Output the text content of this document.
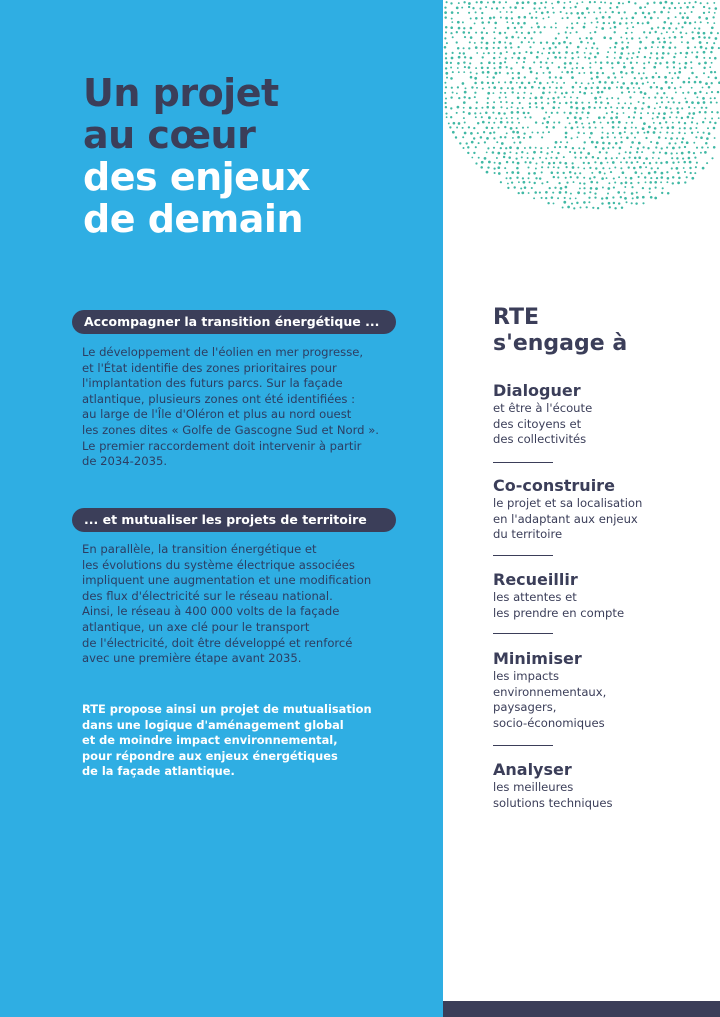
Un projet
au cœur
des enjeux
de demain
Accompagner la transition énergétique ...
Le développement de l'éolien en mer progresse,
et l'État identifie des zones prioritaires pour
l'implantation des futurs parcs. Sur la façade
atlantique, plusieurs zones ont été identifiées :
au large de l'Île d'Oléron et plus au nord ouest
les zones dites « Golfe de Gascogne Sud et Nord ».
Le premier raccordement doit intervenir à partir
de 2034-2035.
... et mutualiser les projets de territoire
En parallèle, la transition énergétique et
les évolutions du système électrique associées
impliquent une augmentation et une modification
des flux d'électricité sur le réseau national.
Ainsi, le réseau à 400 000 volts de la façade
atlantique, un axe clé pour le transport
de l'électricité, doit être développé et renforcé
avec une première étape avant 2035.
RTE propose ainsi un projet de mutualisation
dans une logique d'aménagement global
et de moindre impact environnemental,
pour répondre aux enjeux énergétiques
de la façade atlantique.
RTE
s'engage à
Dialoguer

et être à l'écoute
des citoyens et
des collectivités

Co-construire

le projet et sa localisation
en l'adaptant aux enjeux
du territoire

Recueillir

les attentes et
les prendre en compte

Minimiser

les impacts
environnementaux,
paysagers,
socio-économiques

Analyser

les meilleures
solutions techniques
